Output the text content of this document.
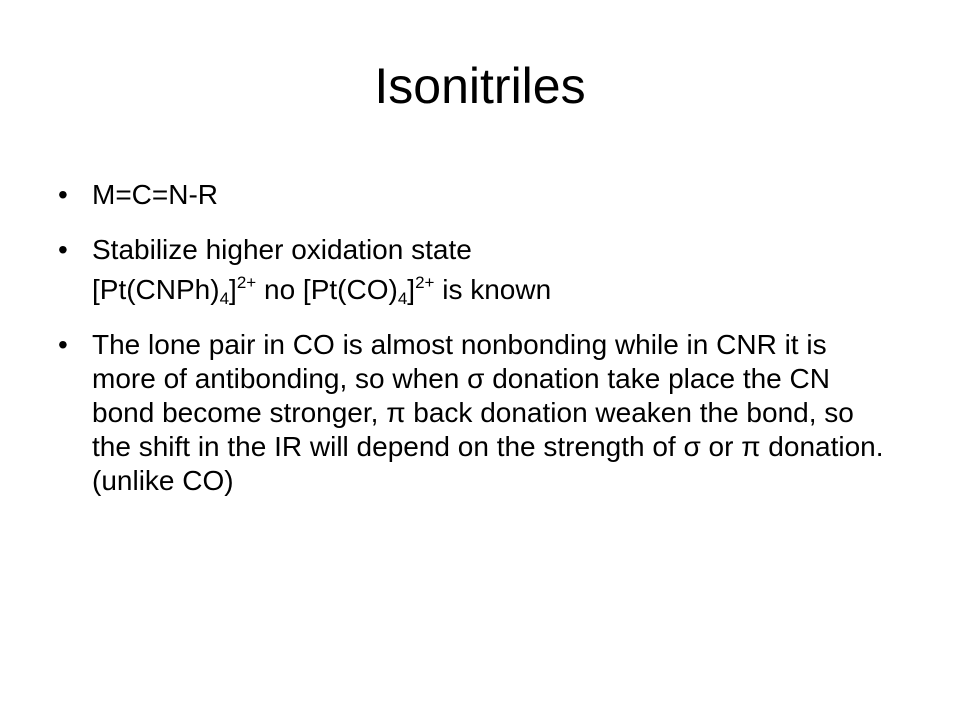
Isonitriles
• M=C=N-R
• Stabilize higher oxidation state
$[Pt(CNPh)_4]^{2+}$ no $[Pt(CO)_4]^{2+}$ is known
• The lone pair in CO is almost nonbonding while in CNR it is more of antibonding, so when σ donation take place the CN bond become stronger, π back donation weaken the bond, so the shift in the IR will depend on the strength of σ or π donation. (unlike CO)
